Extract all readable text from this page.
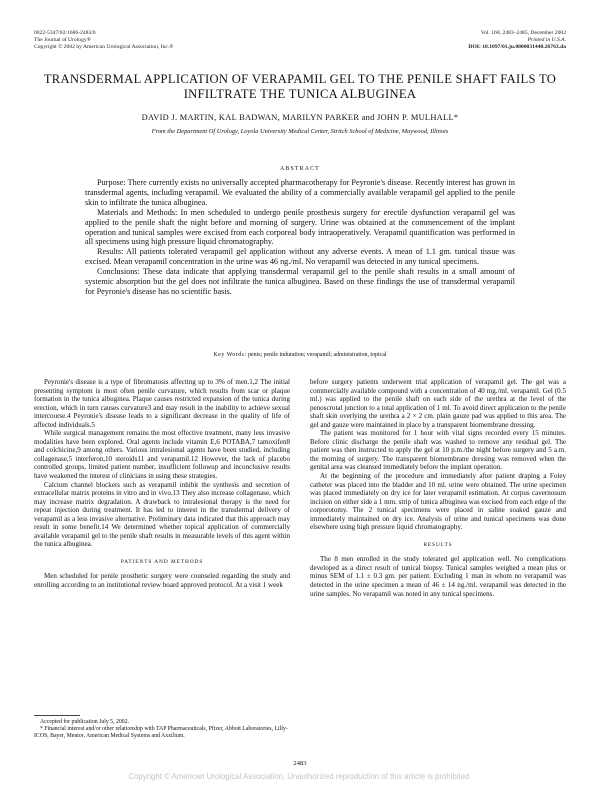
0022-5347/02/1686-2483/0
The Journal of Urology®
Copyright © 2002 by American Urological Association, Inc.®
Vol. 168, 2483–2485, December 2002
Printed in U.S.A.
DOI: 10.1097/01.ju.0000031440.26763.da
TRANSDERMAL APPLICATION OF VERAPAMIL GEL TO THE PENILE SHAFT FAILS TO INFILTRATE THE TUNICA ALBUGINEA
DAVID J. MARTIN, KAL BADWAN, MARILYN PARKER and JOHN P. MULHALL*
From the Department Of Urology, Loyola University Medical Center, Stritch School of Medicine, Maywood, Illinois
ABSTRACT

Purpose: There currently exists no universally accepted pharmacotherapy for Peyronie's disease. Recently interest has grown in transdermal agents, including verapamil. We evaluated the ability of a commercially available verapamil gel applied to the penile skin to infiltrate the tunica albuginea.

Materials and Methods: In men scheduled to undergo penile prosthesis surgery for erectile dysfunction verapamil gel was applied to the penile shaft the night before and morning of surgery. Urine was obtained at the commencement of the implant operation and tunical samples were excised from each corporeal body intraoperatively. Verapamil quantification was performed in all specimens using high pressure liquid chromatography.

Results: All patients tolerated verapamil gel application without any adverse events. A mean of 1.1 gm. tunical tissue was excised. Mean verapamil concentration in the urine was 46 ng./ml. No verapamil was detected in any tunical specimens.

Conclusions: These data indicate that applying transdermal verapamil gel to the penile shaft results in a small amount of systemic absorption but the gel does not infiltrate the tunica albuginea. Based on these findings the use of transdermal verapamil for Peyronie's disease has no scientific basis.

Key Words: penis; penile induration; verapamil; administration, topical

Peyronie's disease is a type of fibromatosis affecting up to 3% of men.1,2 The initial presenting symptom is most often penile curvature, which results from scar or plaque formation in the tunica albuginea. Plaque causes restricted expansion of the tunica during erection, which in turn causes curvature3 and may result in the inability to achieve sexual intercourse.4 Peyronie's disease leads to a significant decrease in the quality of life of affected individuals.5

While surgical management remains the most effective treatment, many less invasive modalities have been explored. Oral agents include vitamin E,6 POTABA,7 tamoxifen8 and colchicine,9 among others. Various intralesional agents have been studied, including collagenase,5 interferon,10 steroids11 and verapamil.12 However, the lack of placebo controlled groups, limited patient number, insufficient followup and inconclusive results have weakened the interest of clinicians in using these strategies.

Calcium channel blockers such as verapamil inhibit the synthesis and secretion of extracellular matrix proteins in vitro and in vivo.13 They also increase collagenase, which may increase matrix degradation. A drawback to intralesional therapy is the need for repeat injection during treatment. It has led to interest in the transdermal delivery of verapamil as a less invasive alternative. Preliminary data indicated that this approach may result in some benefit.14 We determined whether topical application of commercially available verapamil gel to the penile shaft results in measurable levels of this agent within the tunica albuginea.

PATIENTS AND METHODS

Men scheduled for penile prosthetic surgery were counseled regarding the study and enrolling according to an institutional review board approved protocol. At a visit 1 week

Accepted for publication July 5, 2002.

* Financial interest and/or other relationship with TAP Pharmaceuticals, Pfizer, Abbott Laboratories, Lilly-ICOS, Bayer, Mentor, American Medical Systems and Axxilium.

before surgery patients underwent trial application of verapamil gel. The gel was a commercially available compound with a concentration of 40 mg./ml. verapamil. Gel (0.5 ml.) was applied to the penile shaft on each side of the urethra at the level of the penoscrotal junction to a total application of 1 ml. To avoid direct application to the penile shaft skin overlying the urethra a 2 × 2 cm. plain gauze pad was applied to this area. The gel and gauze were maintained in place by a transparent biomembrane dressing.

The patient was monitored for 1 hour with vital signs recorded every 15 minutes. Before clinic discharge the penile shaft was washed to remove any residual gel. The patient was then instructed to apply the gel at 10 p.m./the night before surgery and 5 a.m. the morning of surgery. The transparent biomembrane dressing was removed when the genital area was cleansed immediately before the implant operation.

At the beginning of the procedure and immediately after patient draping a Foley catheter was placed into the bladder and 10 ml. urine were obtained. The urine specimen was placed immediately on dry ice for later verapamil estimation. At corpus cavernosum incision on either side a 1 mm. strip of tunica albuginea was excised from each edge of the corporotomy. The 2 tunical specimens were placed in saline soaked gauze and immediately maintained on dry ice. Analysis of urine and tunical specimens was done elsewhere using high pressure liquid chromatography.

RESULTS

The 8 men enrolled in the study tolerated gel application well. No complications developed as a direct result of tunical biopsy. Tunical samples weighed a mean plus or minus SEM of 1.1 ± 0.3 gm. per patient. Excluding 1 man in whom no verapamil was detected in the urine specimen a mean of 46 ± 14 ng./ml. verapamil was detected in the urine samples. No verapamil was noted in any tunical specimens.

2483
Copyright © American Urological Association. Unauthorized reproduction of this article is prohibited.
